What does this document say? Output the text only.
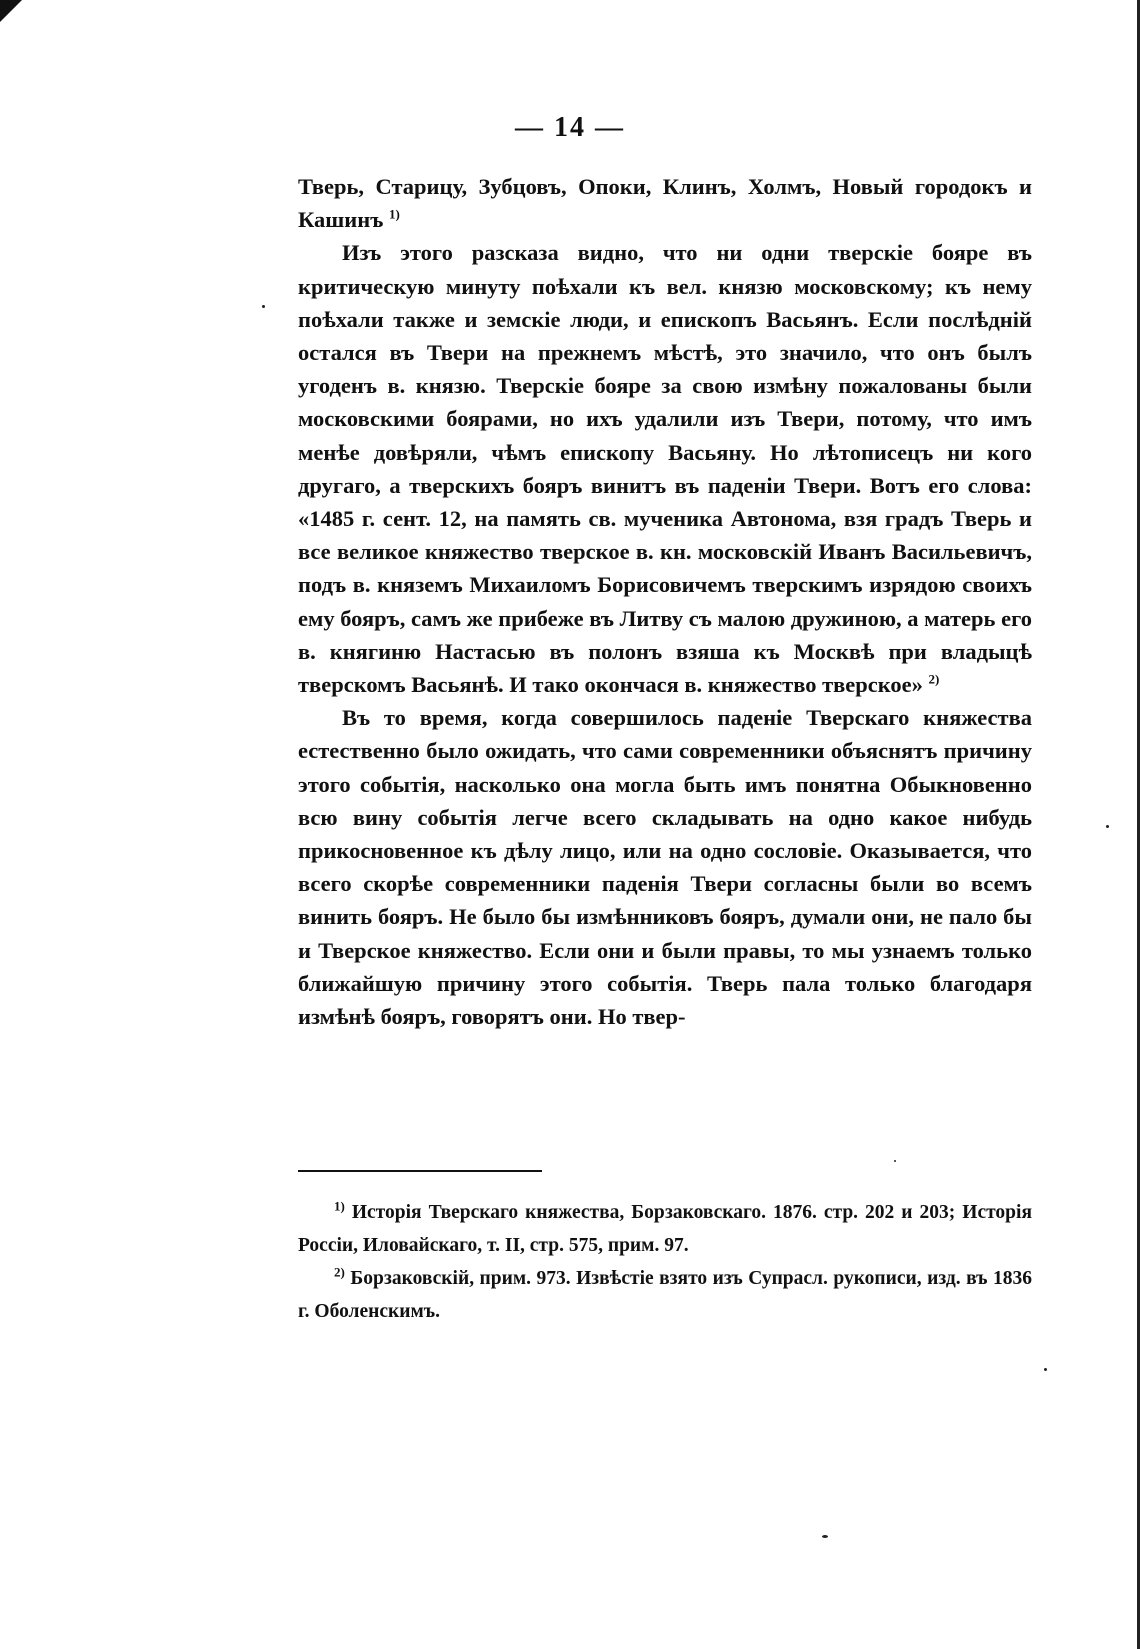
— 14 —

Тверь, Старицу, Зубцовъ, Опоки, Клинъ, Холмъ, Новый городокъ и Кашинъ $^{1)}$

Изъ этого разсказа видно, что ни одни тверскіе бояре въ критическую минуту поѣхали къ вел. князю московскому; къ нему поѣхали также и земскіе люди, и епископъ Васьянъ. Если послѣдній остался въ Твери на прежнемъ мѣстѣ, это значило, что онъ былъ угоденъ в. князю. Тверскіе бояре за свою измѣну пожалованы были московскими боярами, но ихъ удалили изъ Твери, потому, что имъ менѣе довѣряли, чѣмъ епископу Васьяну. Но лѣтописецъ ни кого другаго, а тверскихъ бояръ винитъ въ паденіи Твери. Вотъ его слова: «1485 г. сент. 12, на память св. мученика Автонома, взя градъ Тверь и все великое княжество тверское в. кн. московскій Иванъ Васильевичъ, подъ в. княземъ Михаиломъ Борисовичемъ тверскимъ изрядою своихъ ему бояръ, самъ же прибеже въ Литву съ малою дружиною, а матерь его в. княгиню Настасью въ полонъ взяша къ Москвѣ при владыцѣ тверскомъ Васьянѣ. И тако окончася в. княжество тверское» $^{2)}$

Въ то время, когда совершилось паденіе Тверскаго княжества естественно было ожидать, что сами современники объяснятъ причину этого событія, насколько она могла быть имъ понятна Обыкновенно всю вину событія легче всего складывать на одно какое нибудь прикосновенное къ дѣлу лицо, или на одно сословіе. Оказывается, что всего скорѣе современники паденія Твери согласны были во всемъ винить бояръ. Не было бы измѣнниковъ бояръ, думали они, не пало бы и Тверское княжество. Если они и были правы, то мы узнаемъ только ближайшую причину этого событія. Тверь пала только благодаря измѣнѣ бояръ, говорятъ они. Но твер-

$^{1)}$ Исторія Тверскаго княжества, Борзаковскаго. 1876. стр. 202 и 203; Исторія Россіи, Иловайскаго, т. II, стр. 575, прим. 97.

$^{2)}$ Борзаковскій, прим. 973. Извѣстіе взято изъ Супрасл. рукописи, изд. въ 1836 г. Оболенскимъ.
